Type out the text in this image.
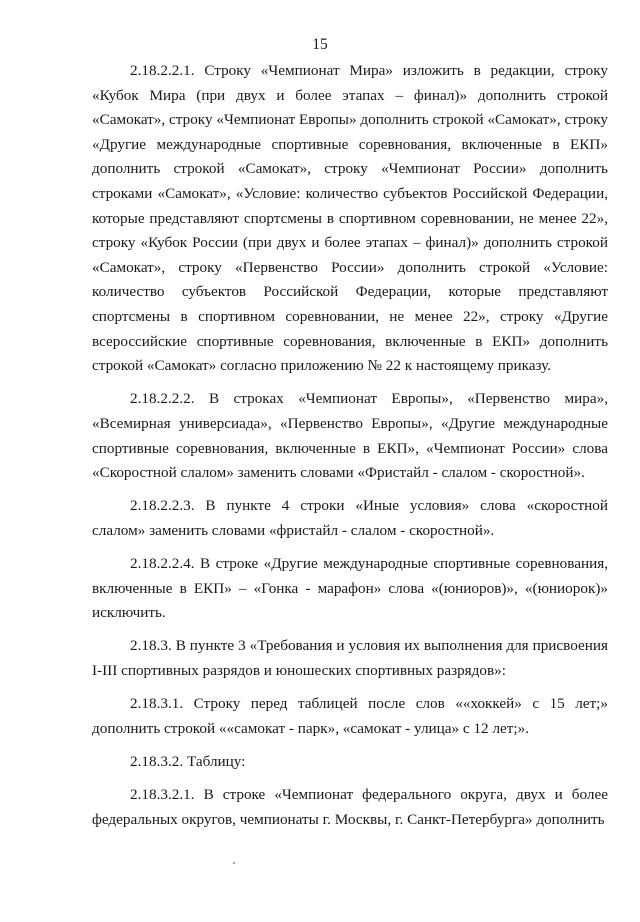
15

2.18.2.2.1. Строку «Чемпионат Мира» изложить в редакции, строку «Кубок Мира (при двух и более этапах – финал)» дополнить строкой «Самокат», строку «Чемпионат Европы» дополнить строкой «Самокат», строку «Другие международные спортивные соревнования, включенные в ЕКП» дополнить строкой «Самокат», строку «Чемпионат России» дополнить строками «Самокат», «Условие: количество субъектов Российской Федерации, которые представляют спортсмены в спортивном соревновании, не менее 22», строку «Кубок России (при двух и более этапах – финал)» дополнить строкой «Самокат», строку «Первенство России» дополнить строкой «Условие: количество субъектов Российской Федерации, которые представляют спортсмены в спортивном соревновании, не менее 22», строку «Другие всероссийские спортивные соревнования, включенные в ЕКП» дополнить строкой «Самокат» согласно приложению № 22 к настоящему приказу.

2.18.2.2.2. В строках «Чемпионат Европы», «Первенство мира», «Всемирная универсиада», «Первенство Европы», «Другие международные спортивные соревнования, включенные в ЕКП», «Чемпионат России» слова «Скоростной слалом» заменить словами «Фристайл - слалом - скоростной».

2.18.2.2.3. В пункте 4 строки «Иные условия» слова «скоростной слалом» заменить словами «фристайл - слалом - скоростной».

2.18.2.2.4. В строке «Другие международные спортивные соревнования, включенные в ЕКП» – «Гонка - марафон» слова «(юниоров)», «(юниорок)» исключить.

2.18.3. В пункте 3 «Требования и условия их выполнения для присвоения I-III спортивных разрядов и юношеских спортивных разрядов»:

2.18.3.1. Строку перед таблицей после слов ««хоккей» с 15 лет;» дополнить строкой ««самокат - парк», «самокат - улица» с 12 лет;».

2.18.3.2. Таблицу:

2.18.3.2.1. В строке «Чемпионат федерального округа, двух и более федеральных округов, чемпионаты г. Москвы, г. Санкт-Петербурга» дополнить
